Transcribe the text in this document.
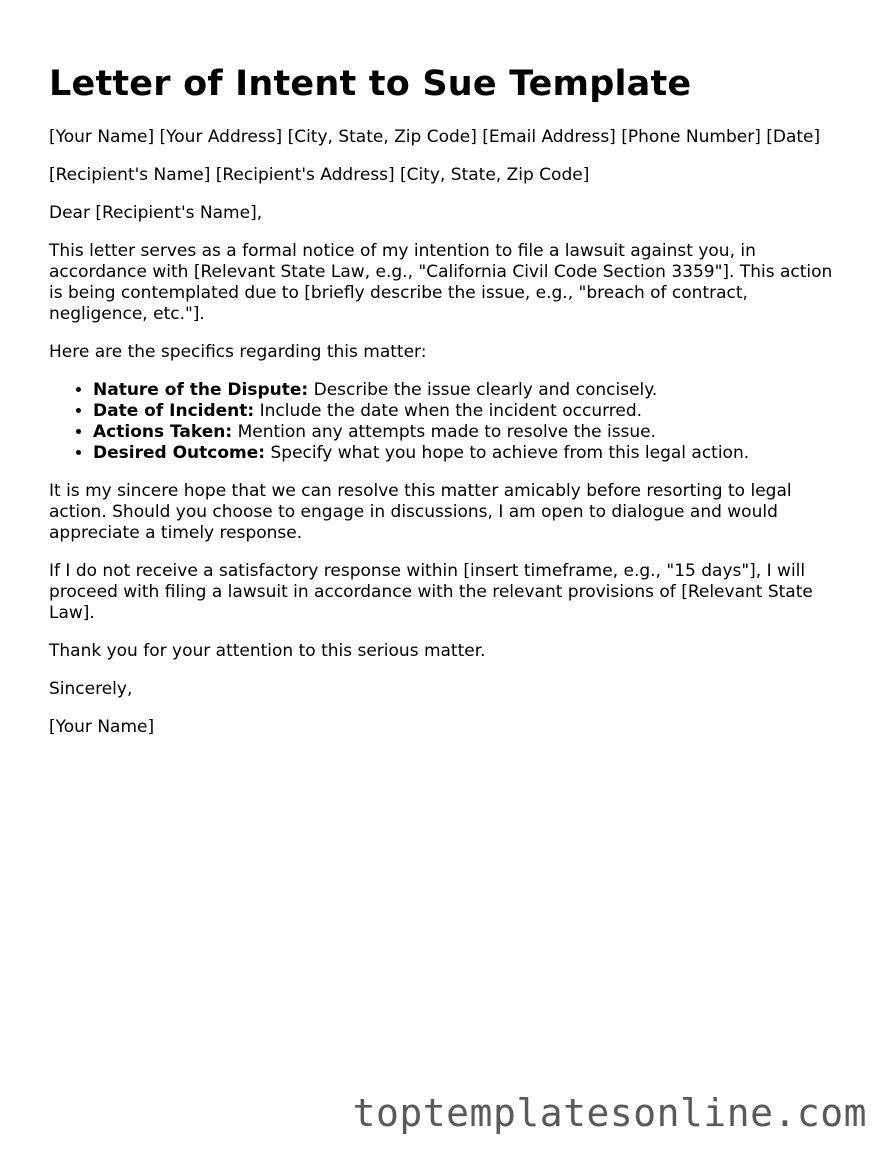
Letter of Intent to Sue Template

[Your Name] [Your Address] [City, State, Zip Code] [Email Address] [Phone Number] [Date]

[Recipient's Name] [Recipient's Address] [City, State, Zip Code]

Dear [Recipient's Name],

This letter serves as a formal notice of my intention to file a lawsuit against you, in accordance with [Relevant State Law, e.g., "California Civil Code Section 3359"]. This action is being contemplated due to [briefly describe the issue, e.g., "breach of contract, negligence, etc."].

Here are the specifics regarding this matter:

• Nature of the Dispute: Describe the issue clearly and concisely.
• Date of Incident: Include the date when the incident occurred.
• Actions Taken: Mention any attempts made to resolve the issue.
• Desired Outcome: Specify what you hope to achieve from this legal action.

It is my sincere hope that we can resolve this matter amicably before resorting to legal action. Should you choose to engage in discussions, I am open to dialogue and would appreciate a timely response.

If I do not receive a satisfactory response within [insert timeframe, e.g., "15 days"], I will proceed with filing a lawsuit in accordance with the relevant provisions of [Relevant State Law].

Thank you for your attention to this serious matter.

Sincerely,

[Your Name]

toptemplatesonline.com
